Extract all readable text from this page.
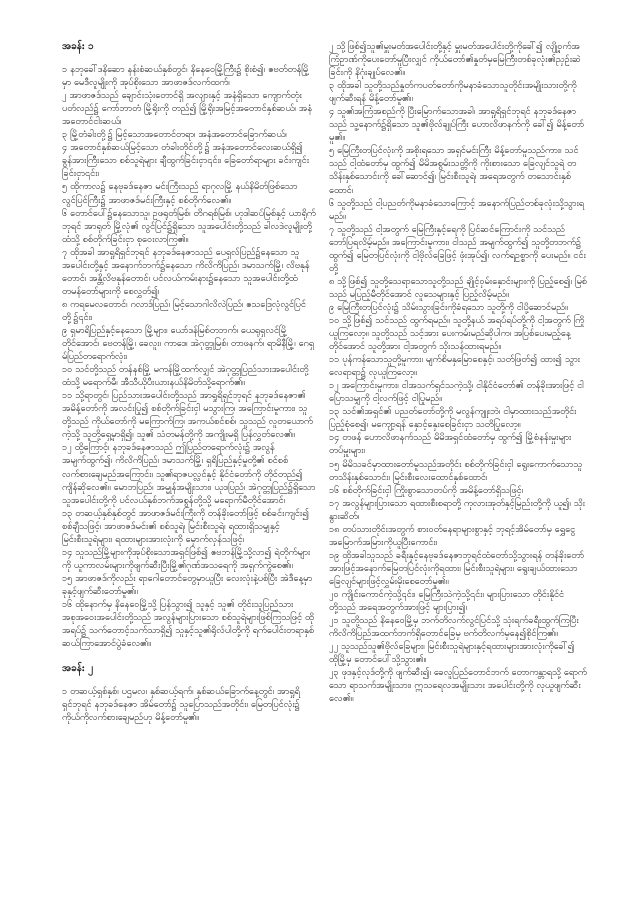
အခန်း ၁

၁ နဘုခေါ်ဒနိဆော နန်းစံဆယ်နှစ်တွင်၊ နိနေဝေမြို့ကြီး၌ စိုးစံ၍၊ ဧဗတ်တန်မြို့မှာ မေဒီလူမျိုးကို အုပ်စိုးသော အာဖာဇဒ်လက်ထက်၊

၂ အာဖာဇဒ်သည် ချောင်းသုံးတောင်ရှိ အလျားနှင့် အနံရှိသော ကျောက်တုံးပတ်လည်၌ ကော်ဘာတံ မြို့ရိုးကို တည်၍ မြို့ရိုးအမြင့်အတောင်နှစ်ဆယ်၊ အနံအတောင်ငါးဆယ်၊

၃ မြို့တံခါးတို့၌ မြင့်သောအတောင်တရာ၊ အနံအတောင်ခြောက်ဆယ်၊

၄ အတောင်နှစ်ဆယ်မြင့်သော တံခါးတိုင်တို့၌ အနံအတောင်လေးဆယ်ရှိ၍ ခွန်အားကြီးသော စစ်သူရဲများ ချီထွက်ခြင်းငှာ၎င်း၊ ခြေတော်ရာများ ခင်းကျင်းခြင်းငှာ၎င်း၊

၅ ထိုကာလ၌ နေဗုခဒ်နေဇာ မင်းကြီးသည် ရာဂုလမြို့ နယ်နိမိတ်ဖြစ်သော လွင်ပြင်ကြီး၌ အာဖာဇဒ်မင်းကြီးနှင့် စစ်တိုက်လေ၏။

၆ တောင်ပေါ်၌နေသောသူ၊ ဥဖရုတ်မြစ်၊ တိဂရစ်မြစ်၊ ဟုဒါဆပ်မြစ်နှင့် ယာရိုက်ဘုရင် အာရုတ် မြို့လုံ၏ လွင်ပြင်၌ရှိသော သူအပေါင်းတို့သည် ခါလဒဲလူမျိုးတို့ထံသို့ စစ်တိုက်ခြင်းငှာ စုဝေးလာကြ၏။

၇ ထိုအခါ အာရှုရိရှင်ဘုရင် နဘုခဒ်နေဇာသည် ပေရှလ်ပြည်၌နေသော သူအပေါင်းတို့နှင့် အနောက်ဘက်၌နေသော ကိလိကိပြည်၊ ဒမာသက်မြို့၊ လိဗနုန်တောင်၊ အန္တိလိဗနုန်တောင်၊ ပင်လယ်ကမ်းနား၌နေသော သူအပေါင်းတို့ထံ တမန်တော်များကို စေလွှတ်၍၊

၈ ကရမေလတောင်၊ ဂလာဒ်ပြည်၊ မြင့်သောဂါလိလဲပြည်၊ ဧသဒြေလုံလွင်ပြင်တို့၌၎င်း၊

၉ ရှမာရိပြည်နှင့်နေသော မြို့များ၊ ယော်ဒန်မြစ်တဘက်၊ ယေရုရှလင်မြို့တိုင်အောင်၊ ဗေတန်မြို့၊ ခေလူး၊ ကာဒေ၊ အဲဂုတ္တုမြစ်၊ တာဖနက်၊ ရာမိနီမြို့၊ ဂေရှမ်ပြည်တရောက်လုံး၊

၁၀ သင်တို့သည် တန်နစ်မြို့ မကန်မြို့ထက်လျှင် အဲဂုတ္တုပြည်သားအပေါင်းတို့ ထံသို့ မရောက်မီ၊ အီသီယိုပီးယားနယ်နိမိတ်သို့ရောက်၏။

၁၁ သို့ရာတွင်၊ ပြည်သားအပေါင်းတို့သည် အာရှုရိရှင်ဘုရင် နဘုခဒ်နေဇာ၏ အမိန့်တော်ကို အလင်းပြု၍ စစ်တိုက်ခြင်းငှါ မသွားကြ၊ အကြောင်းမူကား၊ သူတို့သည် ကိုယ်တော်ကို မကြောက်ကြ၊ အကယ်စင်စစ်၊ သူသည် လူတယောက်ကဲ့သို့ သူတို့ရှေ့မှာရှိ၍၊ သူ၏ သံတမန်တို့ကို အကျိုးမရှိ ပြန်လွှတ်လေ၏။

၁၂ ထို့ကြောင့်၊ နဘုခဒ်နေဇာသည် ဤပြည်တရောက်လုံး၌ အလွန်အမျက်ထွက်၍၊ ကိလိကိပြည်၊ ဒမာသက်မြို့၊ ရှရိပြည်နှင့်မှုတို့၏ စင်စစ် လက်စားချေမည်အကြောင်း၊ သူ၏ရာဇပလ္လင်နှင့် နိုင်ငံတော်ကို တိုင်တည်၍ ကျိန်ဆိုလေ၏။ မောဘပြည်၊ အမ္မုန်အမျိုးသား၊ ယုဒပြည်၊ အဲဂုတ္တုပြည်၌ရှိသော သူအပေါင်းတို့ကို ပင်လယ်နှစ်ဘက်အစွန်တို့သို့ မရောက်မီတိုင်အောင်၊

၁၃ တဆယ့်နှစ်နှစ်တွင် အာဖာဇဒ်မင်းကြီးကို တန်ခိုးတော်ဖြင့် စစ်ခင်းကျင်း၍ စစ်ချီသဖြင့်၊ အာဖာဇဒ်မင်း၏ စစ်သူရဲ၊ မြင်းစီးသူရဲ၊ ရထားရှိသမျှနှင့် မြင်းစီးသူရဲများ၊ ရထားများအားလုံးကို မှောက်လှန်သဖြင့်၊

၁၄ သူသည်မြို့များကိုအုပ်စိုးသောအရှင်ဖြစ်၍ ဧဗဘန်မြို့သို့လာ၍ ရဲတိုက်များကို ယူကာလမ်းများကိုဖျက်ဆီးပြီးမြို့၏ဂုဏ်အသရေကို အရှက်ကွဲစေ၏။

၁၅ အာဖာဇဒ်ကိုလည်း ရာဂေါတောင်တွေမှာယူပြီး လေးလုံးနဲ့ပစ်ပြီး အဲဒီနေ့မှာ ခုနှင့်ဖျက်ဆီးတော်မူ၏။

၁၆ ထိုနောက်မှ နိနေဝေမြို့သို့ ပြန်သွား၍ သူနှင့် သူ၏ တိုင်းသူပြည်သား အစုအဝေးအပေါင်းတို့သည် အလွန်များပြားသော စစ်သူရဲများဖြစ်ကြသဖြင့် ထိုအရပ်၌ သက်တောင့်သက်သာရှိ၍ သူနှင့်သူ၏ရိုလ်ပါတို့ကို ရက်ပေါင်းတရာနှစ်ဆယ်ကြာအောင်ပွဲခံလေ၏။

အခန်း ၂

၁ တဆယ့်ရှစ်နှစ်၊ ပဌမလ၊ နှစ်ဆယ့်ရက်၊ နှစ်ဆယ်ခြောက်နေ့တွင်၊ အာရှုရိရှင်ဘုရင် နဘုခဒ်နေဇာ အိမ်တော်၌ သူပြောသည်အတိုင်း၊ မြေတပြင်လုံး၌ ကိုယ်ကိုလက်စားချေမည်ဟု မိန့်တော်မူ၏။

၂ သို့ဖြစ်၍သူ၏မှူးမတ်အပေါင်းတို့နှင့် မှူးမတ်အပေါင်းတို့ကိုခေါ်၍ လျို့ဝှက်အကြံဥာဏ်ကိုပေးတော်မူပြီးလျှင် ကိုယ်တော်၏နှုတ်မှမြေကြီးတစ်ခုလုံး၏ညှဉ်းဆဲခြင်းကို နိဂုံးချုပ်လေ၏။

၃ ထိုအခါ သူတို့သည်နှုတ်ကပတ်တော်ကိုမနာခံသောသူတိုင်းအမျိုးသားတို့ကိုဖျက်ဆီးရန် မိန့်တော်မူ၏။

၄ သူ၏အကြံအစည်ကို ပြီးမြောက်သောအခါ၊ အာရှုရိရှင်ဘုရင် နဘုခဒ်နေဇာသည် သူ့နောက်၌ရှိသော သူ၏ဗိုလ်ချုပ်ကြီး ဟောလိဖာနက်ကို ခေါ်၍ မိန့်တော်မူ၏။

၅ မြေကြီးတပြင်လုံးကို အစိုးရသော အရှင်မင်းကြီး မိန့်တော်မူသည်ကား၊ သင်သည် ငါ့ထံတော်မှ ထွက်၍ မိမိအစွမ်းသတ္တိကို ကိုးစားသော ခြေလျင်သူရဲ တသိန်းနှစ်သောင်းကို ခေါ်ဆောင်၍၊ မြင်းစီးသူရဲ၊ အရေအတွက် တသောင်းနှစ်ထောင်၊

၆ သူတို့သည် ငါ့ပညတ်ကိုမနာခံသောကြောင့် အနောက်ပြည်တစ်ခုလုံးသို့သွားရမည်။

၇ သူတို့သည် ငါ့အတွက် မြေကြီးနှင့်ရေကို ပြင်ဆင်ကြောင်းကို သင်သည် ဘော်ပြရလိမ့်မည်။ အကြောင်းမူကား၊ ငါသည် အမျက်ထွက်၍ သူတို့တဘက်၌ ထွက်၍ မြေတပြင်လုံးကို ငါ့ဗိုလ်ခြေဖြင့် ဖုံးအုပ်၍၊ လက်ရဥစ္စာကို ပေးမည်။ ငင်းတို့

၈ သို့ဖြစ်၍ သူတို့သေရာသောသူတို့သည် ချိုင့်ဝှမ်းနှောင်းများကို ပြည့်စေ၍၊ မြစ်သည် မပြည့်မီတိုင်အောင် လူသေများနှင့် ပြည့်လိမ့်မည်။

၉ မြေကြီးတပြင်လုံး၌ သိမ်းသွားခြင်းကိုခံရသော သူတို့ကို ငါပို့ဆောင်မည်။

၁၀ သို့ဖြစ်၍ သင်သည် ထွက်ရမည်။ သူတို့နယ် အရပ်ရပ်တို့ကို ငါ့အတွက် ကြိုယူကြလော့။ သူတို့သည် သင့်အား ပေးကမ်းမည်ဆိုပါက၊ အပြစ်ပေးမည့်နေ့တိုင်အောင် သူတို့အား ငါ့အတွက် သိုးသန်ထားရမည်။

၁၁ ပုန်ကန်သောသူတို့မူကား၊ မျက်စိမနှမြောစေနှင့်၊ သတ်ဖြတ်၍ ထား၍ သွားလေရာရာ၌ လုယူကြလော့။

၁၂ အကြောင်းမူကား၊ ငါအသက်ရှင်သကဲ့သို့၊ ငါနိုင်ငံတော်၏ တန်ခိုးအားဖြင့် ငါပြောသမျှကို ငါ့လက်ဖြင့် ငါပြုမည်။

၁၃ သင်၏အရှင်၏ ပညတ်တော်တို့ကို မလွန်ကျူးဘဲ၊ ငါမှာထားသည်အတိုင်း ပြည့်စုံစေ၍၊ မကျော့ရန် နှောင့်နှေးစေခြင်းငှာ သတိပြုလော့။

၁၄ တဖန် ဟောလိဖာနက်သည် မိမိအရှင်ထံတော်မှ ထွက်၍ မြို့စံနန်းမှုးများ တပ်မှူးများ၊

၁၅ မိမိသခင်မှာထားတော်မူသည်အတိုင်း စစ်တိုက်ခြင်းငှါ ရွေးကောက်သောသူ တသိန်းနှစ်သောင်း၊ မြင်းစီးလေးထောင်နှစ်ထောင်၊

၁၆ စစ်တိုက်ခြင်းငှါ ကြိုးစွာသောတပ်ကို အမိန့်တော်ရှိသဖြင့်၊

၁၇ အလွန်များပြားသော ရထားစီးစရာတို့ ကုလားအုတ်နှင့်မြည်းတို့ကို ယူ၍၊ သိုးနွားဆိတ်၊

၁၈ တပ်သားတိုင်းအတွက် စားဝတ်နေရာများစွာနှင့် ဘုရင့်အိမ်တော်မှ ရွှေငွေ အမြောက်အမြားကိုယူပြီးကောင်း၊

၁၉ ထိုအခါသူသည် ခရီးနှင့်နေဗုခဒ်နေဇာဘုရင်ထံတော်သို့သွားရန် တန်ခိုးတော်အားဖြင့်အနောက်မြေတပြင်လုံးကိုရထား၊ မြင်းစီးသူရဲများ၊ ရွေးချယ်ထားသောခြေလျင်များဖြင့်လွှမ်းမိုးစေတော်မူ၏။

၂၀ ကျိုင်းကောင်ကဲ့သို့၎င်း၊ မြေကြီးသဲကဲ့သို့၎င်း၊ များပြားသော တိုင်းနိုင်ငံတို့သည် အရေအတွက်အားဖြင့် များပြား၍၊

၂၁ သူတို့သည် နိနေဝေမြို့မှ ဘက်တိလက်လွင်ပြင်သို့ သုံးရက်ခရီးထွက်ကြပြီး ကိလိကိပြည်အထက်ဘက်ရှိတောင်ခြေမှ ဗက်တိလက်မှနေ၍စိုင်ကြ၏။

၂၂ သူသည်သူ၏ဗိုလ်ခြေများ၊ မြင်းစီးသူရဲများနှင့်ရထားများအားလုံးကိုခေါ်၍ ထိုမြို့မှ တောင်ပေါ်သို့သွား၏။

၂၃ ဖုဒနှင့်လုဒ်တို့ကို ဖျက်ဆီး၍၊ ခေလူပြည်တောင်ဘက် တောကန္တာရသို့ ရောက်သော ရာသက်အမျိုးသား၊ ဣသရေလအမျိုးသား အပေါင်းတို့ကို လုယူဖျက်ဆီးလေ၏။
